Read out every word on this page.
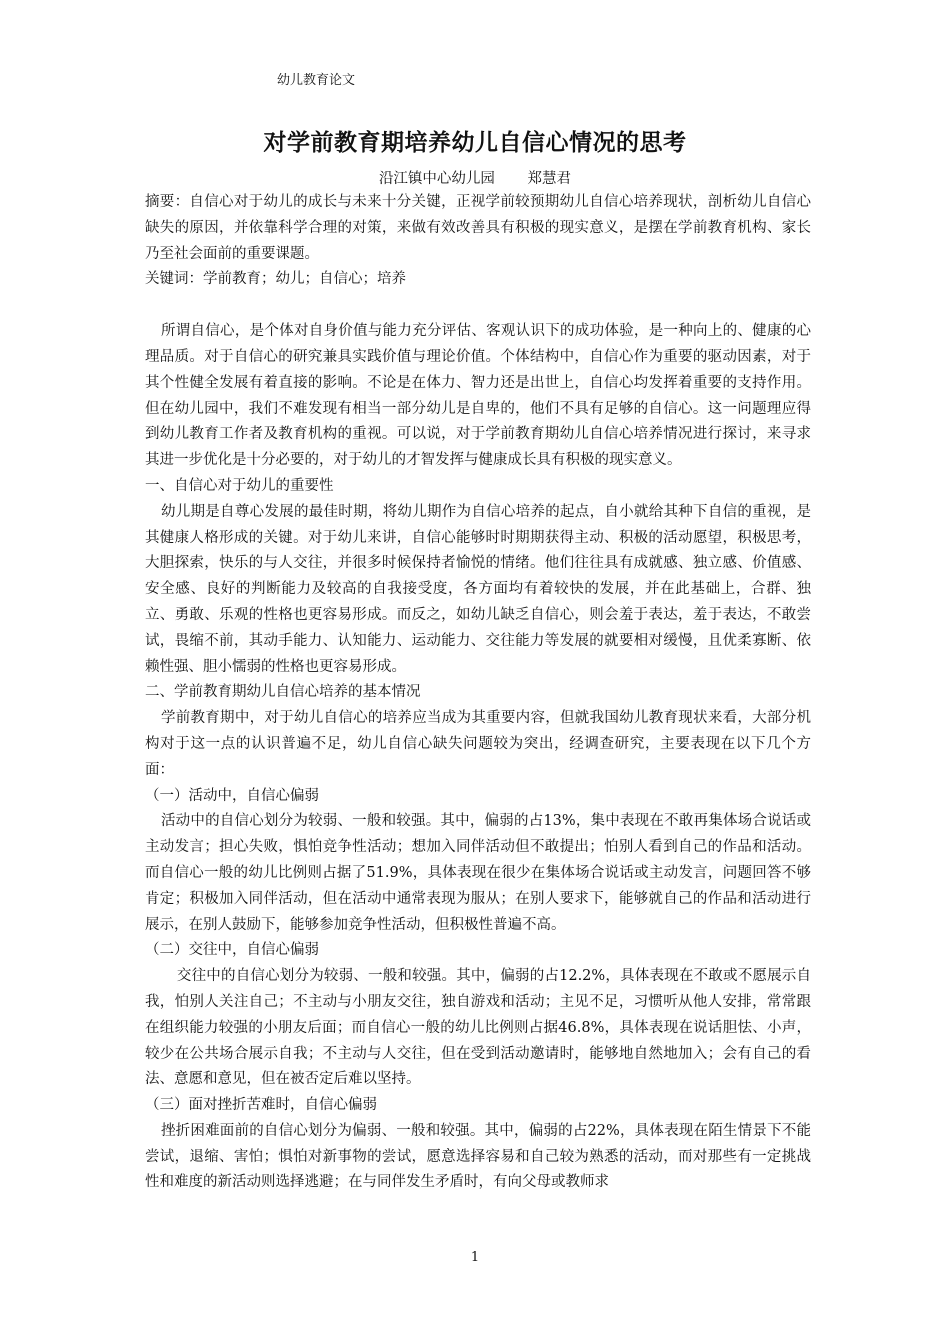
幼儿教育论文
对学前教育期培养幼儿自信心情况的思考
沿江镇中心幼儿园 郑慧君

摘要：自信心对于幼儿的成长与未来十分关键，正视学前较预期幼儿自信心培养现状，剖析幼儿自信心缺失的原因，并依靠科学合理的对策，来做有效改善具有积极的现实意义，是摆在学前教育机构、家长乃至社会面前的重要课题。

关键词：学前教育；幼儿；自信心；培养

所谓自信心，是个体对自身价值与能力充分评估、客观认识下的成功体验，是一种向上的、健康的心理品质。对于自信心的研究兼具实践价值与理论价值。个体结构中，自信心作为重要的驱动因素，对于其个性健全发展有着直接的影响。不论是在体力、智力还是出世上，自信心均发挥着重要的支持作用。但在幼儿园中，我们不难发现有相当一部分幼儿是自卑的，他们不具有足够的自信心。这一问题理应得到幼儿教育工作者及教育机构的重视。可以说，对于学前教育期幼儿自信心培养情况进行探讨，来寻求其进一步优化是十分必要的，对于幼儿的才智发挥与健康成长具有积极的现实意义。

一、自信心对于幼儿的重要性

幼儿期是自尊心发展的最佳时期，将幼儿期作为自信心培养的起点，自小就给其种下自信的重视，是其健康人格形成的关键。对于幼儿来讲，自信心能够时时期期获得主动、积极的活动愿望，积极思考，大胆探索，快乐的与人交往，并很多时候保持者愉悦的情绪。他们往往具有成就感、独立感、价值感、安全感、良好的判断能力及较高的自我接受度，各方面均有着较快的发展，并在此基础上，合群、独立、勇敢、乐观的性格也更容易形成。而反之，如幼儿缺乏自信心，则会羞于表达，羞于表达，不敢尝试，畏缩不前，其动手能力、认知能力、运动能力、交往能力等发展的就要相对缓慢，且优柔寡断、依赖性强、胆小懦弱的性格也更容易形成。

二、学前教育期幼儿自信心培养的基本情况

学前教育期中，对于幼儿自信心的培养应当成为其重要内容，但就我国幼儿教育现状来看，大部分机构对于这一点的认识普遍不足，幼儿自信心缺失问题较为突出，经调查研究，主要表现在以下几个方面：

（一）活动中，自信心偏弱

活动中的自信心划分为较弱、一般和较强。其中，偏弱的占13%，集中表现在不敢再集体场合说话或主动发言；担心失败，惧怕竞争性活动；想加入同伴活动但不敢提出；怕别人看到自己的作品和活动。而自信心一般的幼儿比例则占据了51.9%，具体表现在很少在集体场合说话或主动发言，问题回答不够肯定；积极加入同伴活动，但在活动中通常表现为服从；在别人要求下，能够就自己的作品和活动进行展示，在别人鼓励下，能够参加竞争性活动，但积极性普遍不高。

（二）交往中，自信心偏弱

交往中的自信心划分为较弱、一般和较强。其中，偏弱的占12.2%，具体表现在不敢或不愿展示自我，怕别人关注自己；不主动与小朋友交往，独自游戏和活动；主见不足，习惯听从他人安排，常常跟在组织能力较强的小朋友后面；而自信心一般的幼儿比例则占据46.8%，具体表现在说话胆怯、小声，较少在公共场合展示自我；不主动与人交往，但在受到活动邀请时，能够地自然地加入；会有自己的看法、意愿和意见，但在被否定后难以坚持。

（三）面对挫折苦难时，自信心偏弱

挫折困难面前的自信心划分为偏弱、一般和较强。其中，偏弱的占22%，具体表现在陌生情景下不能尝试，退缩、害怕；惧怕对新事物的尝试，愿意选择容易和自己较为熟悉的活动，而对那些有一定挑战性和难度的新活动则选择逃避；在与同伴发生矛盾时，有向父母或教师求

1
